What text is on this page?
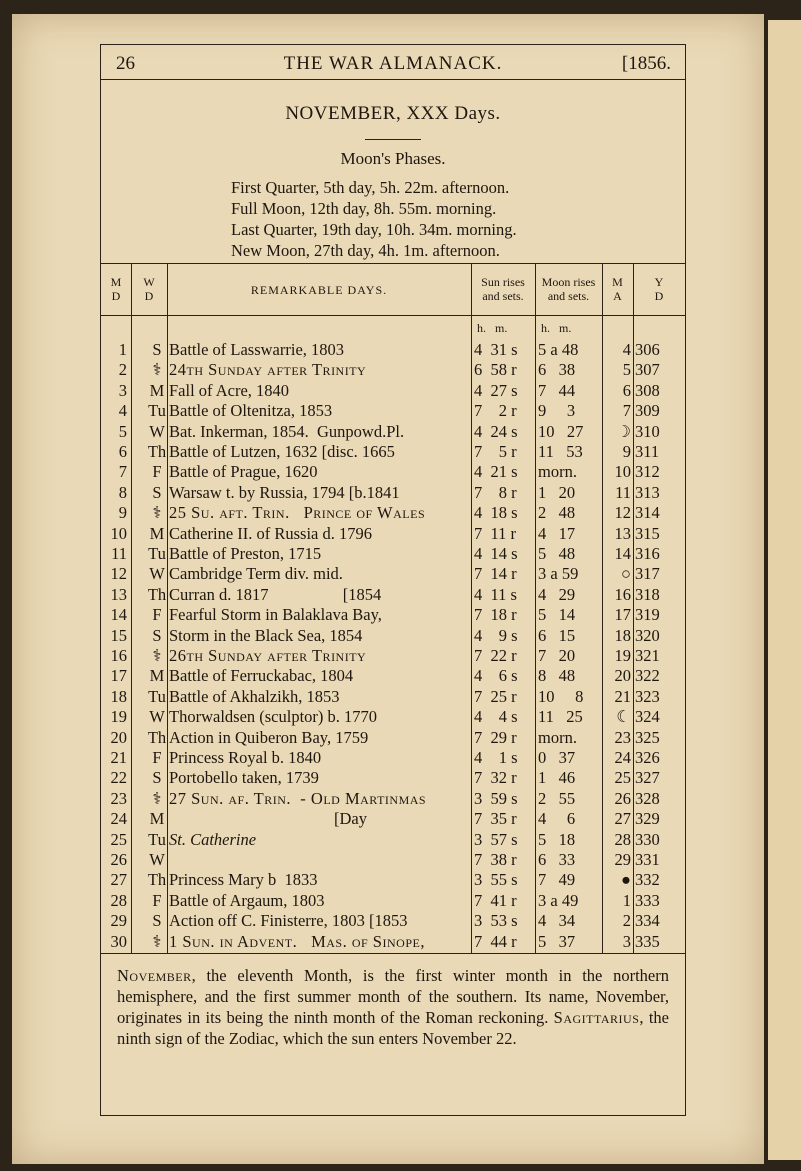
26	THE WAR ALMANACK.	[1856.
NOVEMBER, XXX Days.
Moon's Phases.
First Quarter, 5th day, 5h. 22m. afternoon.
Full Moon, 12th day, 8h. 55m. morning.
Last Quarter, 19th day, 10h. 34m. morning.
New Moon, 27th day, 4h. 1m. afternoon.
M
D
W
D	REMARKABLE DAYS.
Sun rises
and sets.
Moon rises
and sets.
M
A
Y
D
h.   m.	h.   m.
1	S Battle of Lasswarrie, 1803	4  31 s	5 a 48	4 306
2	⚕ 24th Sunday after Trinity	6  58 r	6   38	5 307
3	M Fall of Acre, 1840	4  27 s	7   44	6 308
4	Tu Battle of Oltenitza, 1853	7    2 r	9     3	7 309
5	W Bat. Inkerman, 1854.  Gunpowd.Pl.	4  24 s	10   27	☽ 310
6	Th Battle of Lutzen, 1632 [disc. 1665	7    5 r	11   53	9 311
7	F Battle of Prague, 1620	4  21 s	morn.	10 312
8	S Warsaw t. by Russia, 1794 [b.1841	7    8 r	1   20	11 313
9	⚕ 25 Su. aft. Trin.   Prince of Wales	4  18 s	2   48	12 314
10	M Catherine II. of Russia d. 1796	7  11 r	4   17	13 315
11	Tu Battle of Preston, 1715	4  14 s	5   48	14 316
12	W Cambridge Term div. mid.	7  14 r	3 a 59	○ 317
13	Th Curran d. 1817                  [1854	4  11 s	4   29	16 318
14	F Fearful Storm in Balaklava Bay,	7  18 r	5   14	17 319
15	S Storm in the Black Sea, 1854	4    9 s	6   15	18 320
16	⚕ 26th Sunday after Trinity	7  22 r	7   20	19 321
17	M Battle of Ferruckabac, 1804	4    6 s	8   48	20 322
18	Tu Battle of Akhalzikh, 1853	7  25 r	10     8	21 323
19	W Thorwaldsen (sculptor) b. 1770	4    4 s	11   25	☾ 324
20	Th Action in Quiberon Bay, 1759	7  29 r	morn.	23 325
21	F Princess Royal b. 1840	4    1 s	0   37	24 326
22	S Portobello taken, 1739	7  32 r	1   46	25 327
23	⚕ 27 Sun. af. Trin.  - Old Martinmas	3  59 s	2   55	26 328
24	M [Day	7  35 r	4     6	27 329
25	Tu St. Catherine	3  57 s	5   18	28 330
26	W	7  38 r	6   33	29 331
27	Th Princess Mary b  1833	3  55 s	7   49	● 332
28	F Battle of Argaum, 1803	7  41 r	3 a 49	1 333
29	S Action off C. Finisterre, 1803 [1853	3  53 s	4   34	2 334
30	⚕ 1 Sun. in Advent.   Mas. of Sinope,	7  44 r	5   37	3 335
November, the eleventh Month, is the first winter month in the northern hemisphere, and the first summer month of the southern. Its name, November, originates in its being the ninth month of the Roman reckoning. Sagittarius, the ninth sign of the Zodiac, which the sun enters November 22.
